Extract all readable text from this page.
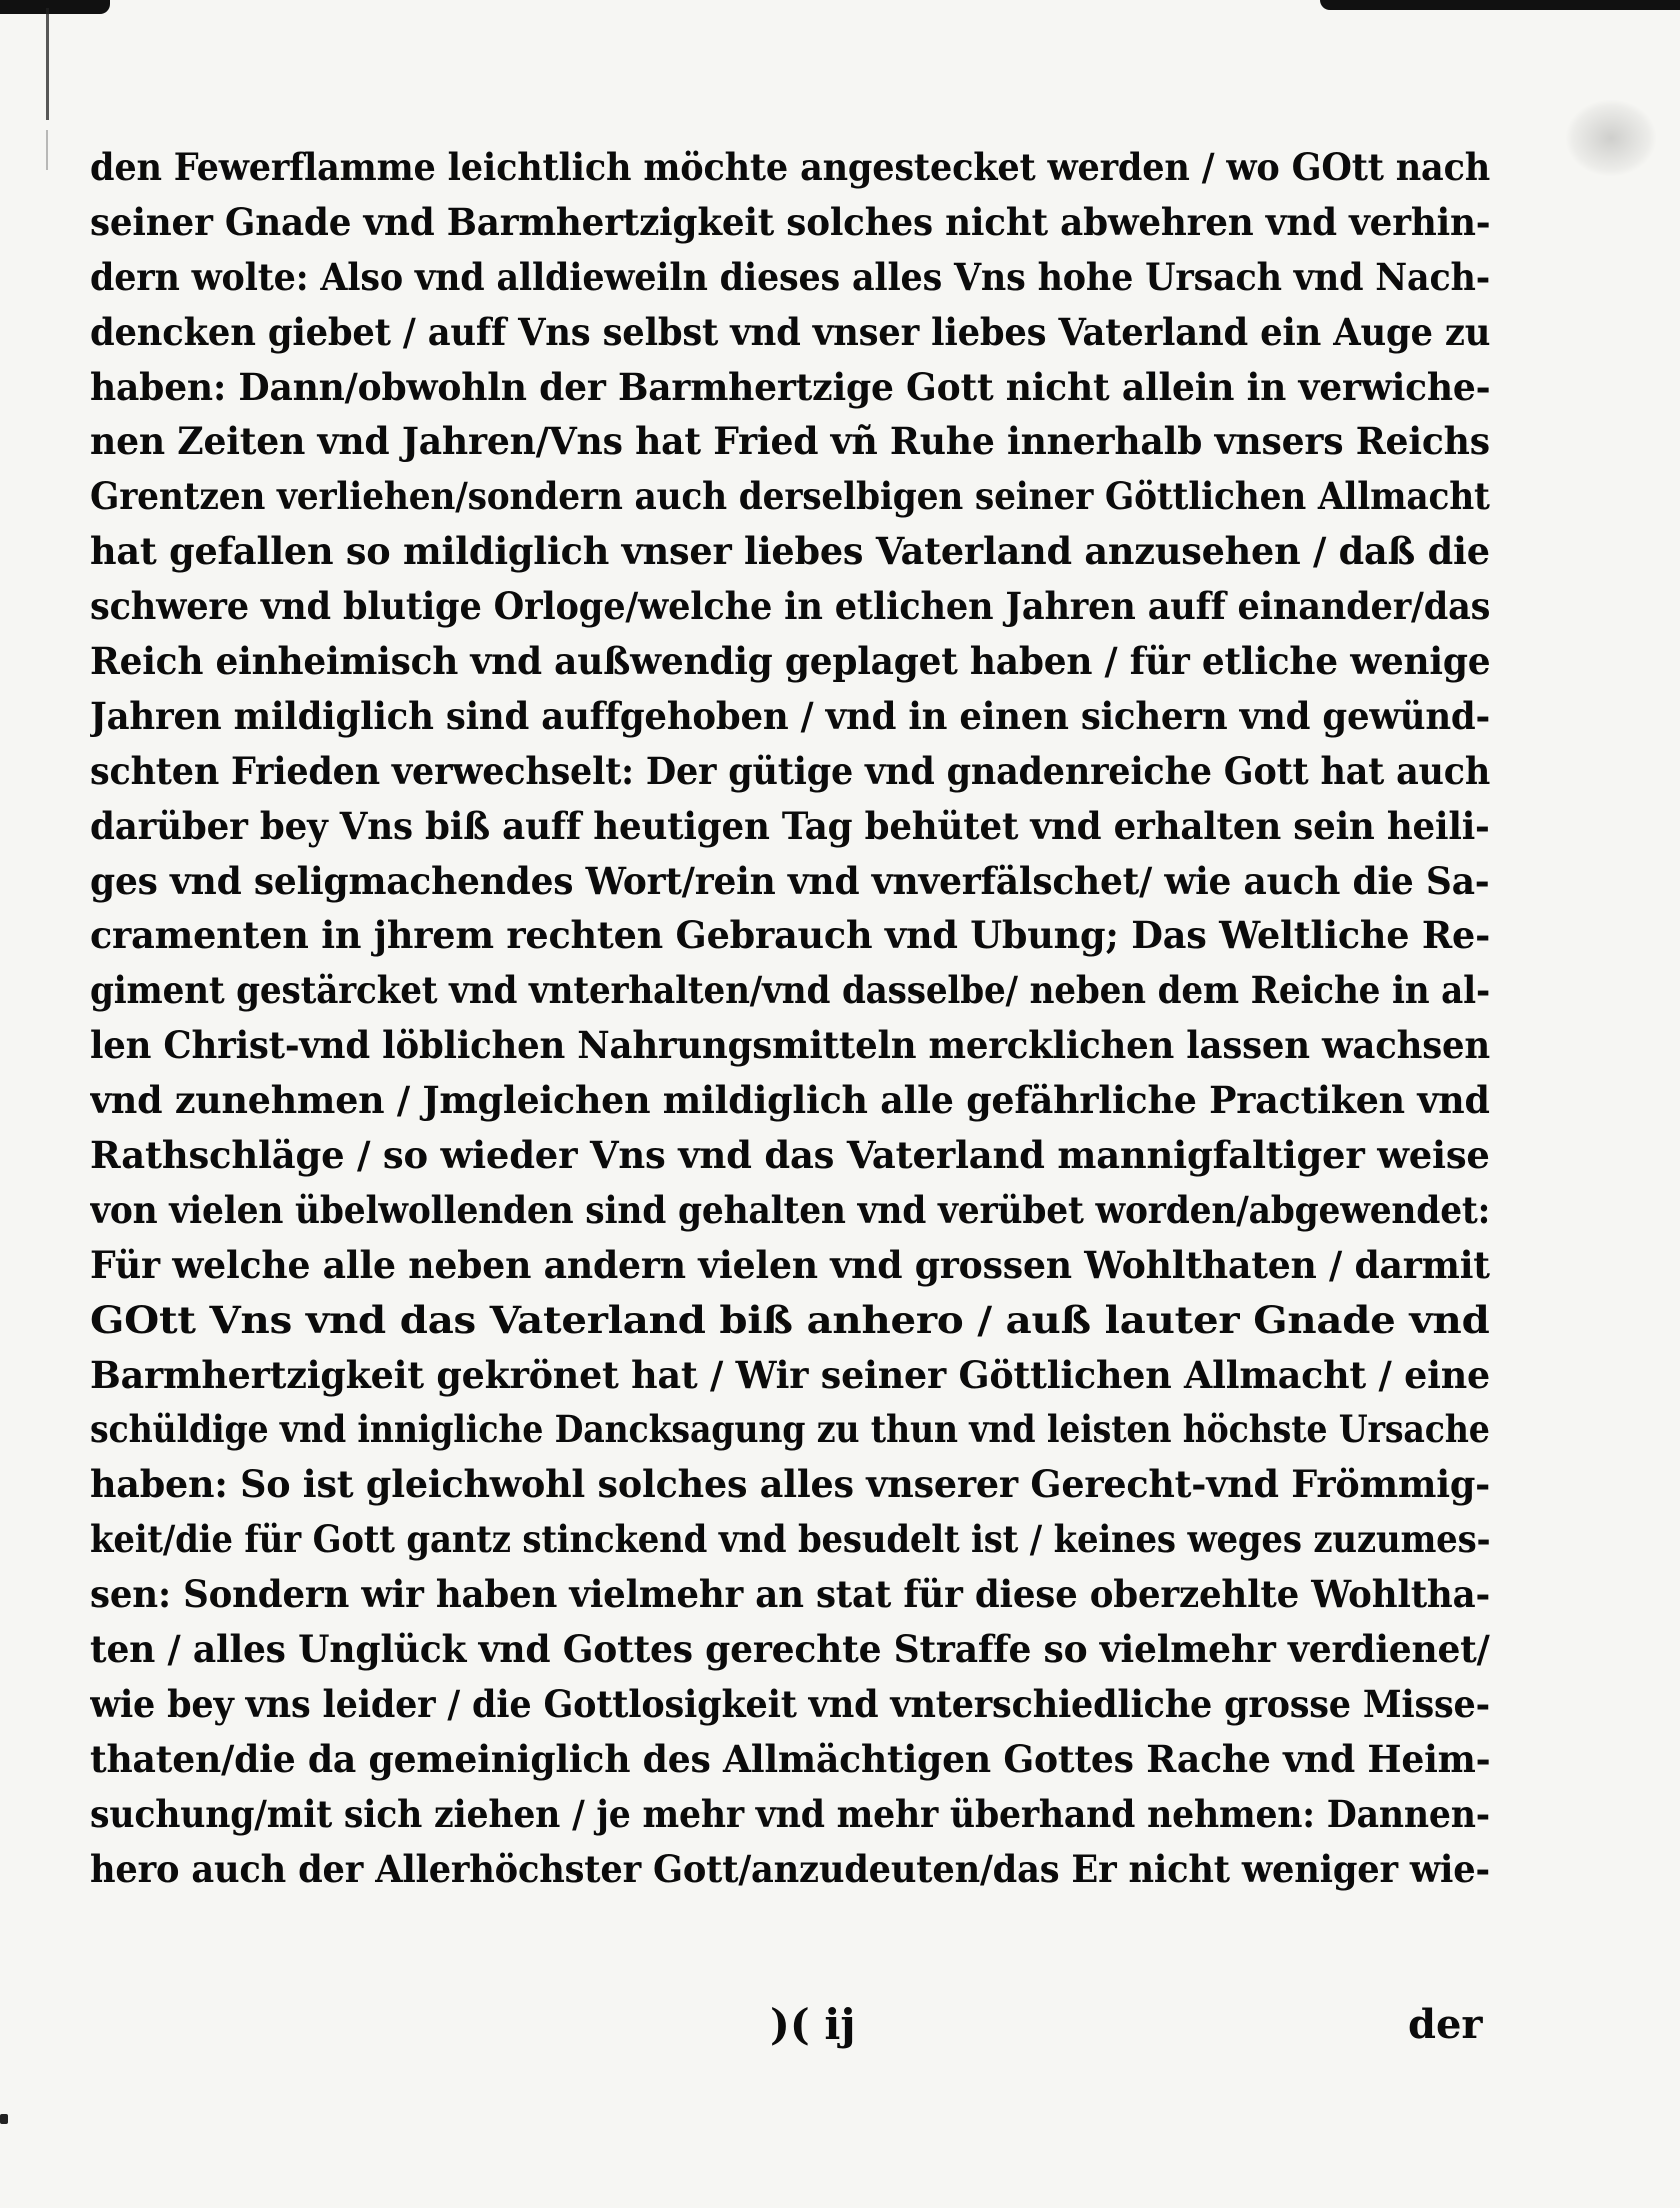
den Fewerflamme leichtlich möchte angestecket werden / wo GOtt nach
seiner Gnade vnd Barmhertzigkeit solches nicht abwehren vnd verhin-
dern wolte: Also vnd alldieweiln dieses alles Vns hohe Ursach vnd Nach-
dencken giebet / auff Vns selbst vnd vnser liebes Vaterland ein Auge zu
haben: Dann/obwohln der Barmhertzige Gott nicht allein in verwiche-
nen Zeiten vnd Jahren/Vns hat Fried vñ Ruhe innerhalb vnsers Reichs
Grentzen verliehen/sondern auch derselbigen seiner Göttlichen Allmacht
hat gefallen so mildiglich vnser liebes Vaterland anzusehen / daß die
schwere vnd blutige Orloge/welche in etlichen Jahren auff einander/das
Reich einheimisch vnd außwendig geplaget haben / für etliche wenige
Jahren mildiglich sind auffgehoben / vnd in einen sichern vnd gewünd-
schten Frieden verwechselt: Der gütige vnd gnadenreiche Gott hat auch
darüber bey Vns biß auff heutigen Tag behütet vnd erhalten sein heili-
ges vnd seligmachendes Wort/rein vnd vnverfälschet/ wie auch die Sa-
cramenten in jhrem rechten Gebrauch vnd Ubung; Das Weltliche Re-
giment gestärcket vnd vnterhalten/vnd dasselbe/ neben dem Reiche in al-
len Christ-vnd löblichen Nahrungsmitteln mercklichen lassen wachsen
vnd zunehmen / Jmgleichen mildiglich alle gefährliche Practiken vnd
Rathschläge / so wieder Vns vnd das Vaterland mannigfaltiger weise
von vielen übelwollenden sind gehalten vnd verübet worden/abgewendet:
Für welche alle neben andern vielen vnd grossen Wohlthaten / darmit
GOtt Vns vnd das Vaterland biß anhero / auß lauter Gnade vnd
Barmhertzigkeit gekrönet hat / Wir seiner Göttlichen Allmacht / eine
schüldige vnd innigliche Dancksagung zu thun vnd leisten höchste Ursache
haben: So ist gleichwohl solches alles vnserer Gerecht-vnd Frömmig-
keit/die für Gott gantz stinckend vnd besudelt ist / keines weges zuzumes-
sen: Sondern wir haben vielmehr an stat für diese oberzehlte Wohltha-
ten / alles Unglück vnd Gottes gerechte Straffe so vielmehr verdienet/
wie bey vns leider / die Gottlosigkeit vnd vnterschiedliche grosse Misse-
thaten/die da gemeiniglich des Allmächtigen Gottes Rache vnd Heim-
suchung/mit sich ziehen / je mehr vnd mehr überhand nehmen: Dannen-
hero auch der Allerhöchster Gott/anzudeuten/das Er nicht weniger wie-
)( ij	der
